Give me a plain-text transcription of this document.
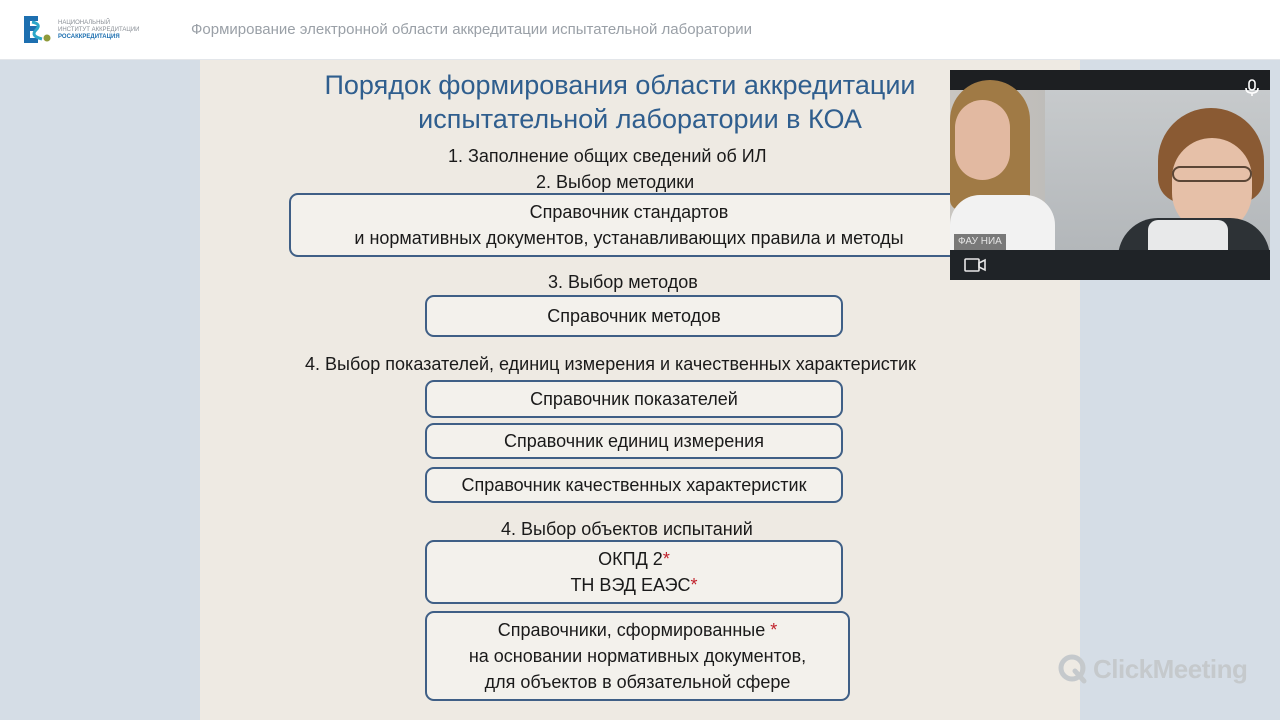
НАЦИОНАЛЬНЫЙ
ИНСТИТУТ АККРЕДИТАЦИИ
РОСАККРЕДИТАЦИЯ	Формирование электронной области аккредитации испытательной лаборатории
Порядок формирования области аккредитации
испытательной лаборатории в КОА
1. Заполнение общих сведений об ИЛ
2. Выбор методики
Справочник стандартов
и нормативных документов, устанавливающих правила и методы
3. Выбор методов
Справочник методов
4. Выбор показателей, единиц измерения и качественных характеристик
Справочник показателей
Справочник единиц измерения
Справочник качественных характеристик
4. Выбор объектов испытаний
ОКПД 2*
ТН ВЭД ЕАЭС*
Справочники, сформированные *
на основании нормативных документов,
для объектов в обязательной сфере
ФАУ НИА
ClickMeeting
